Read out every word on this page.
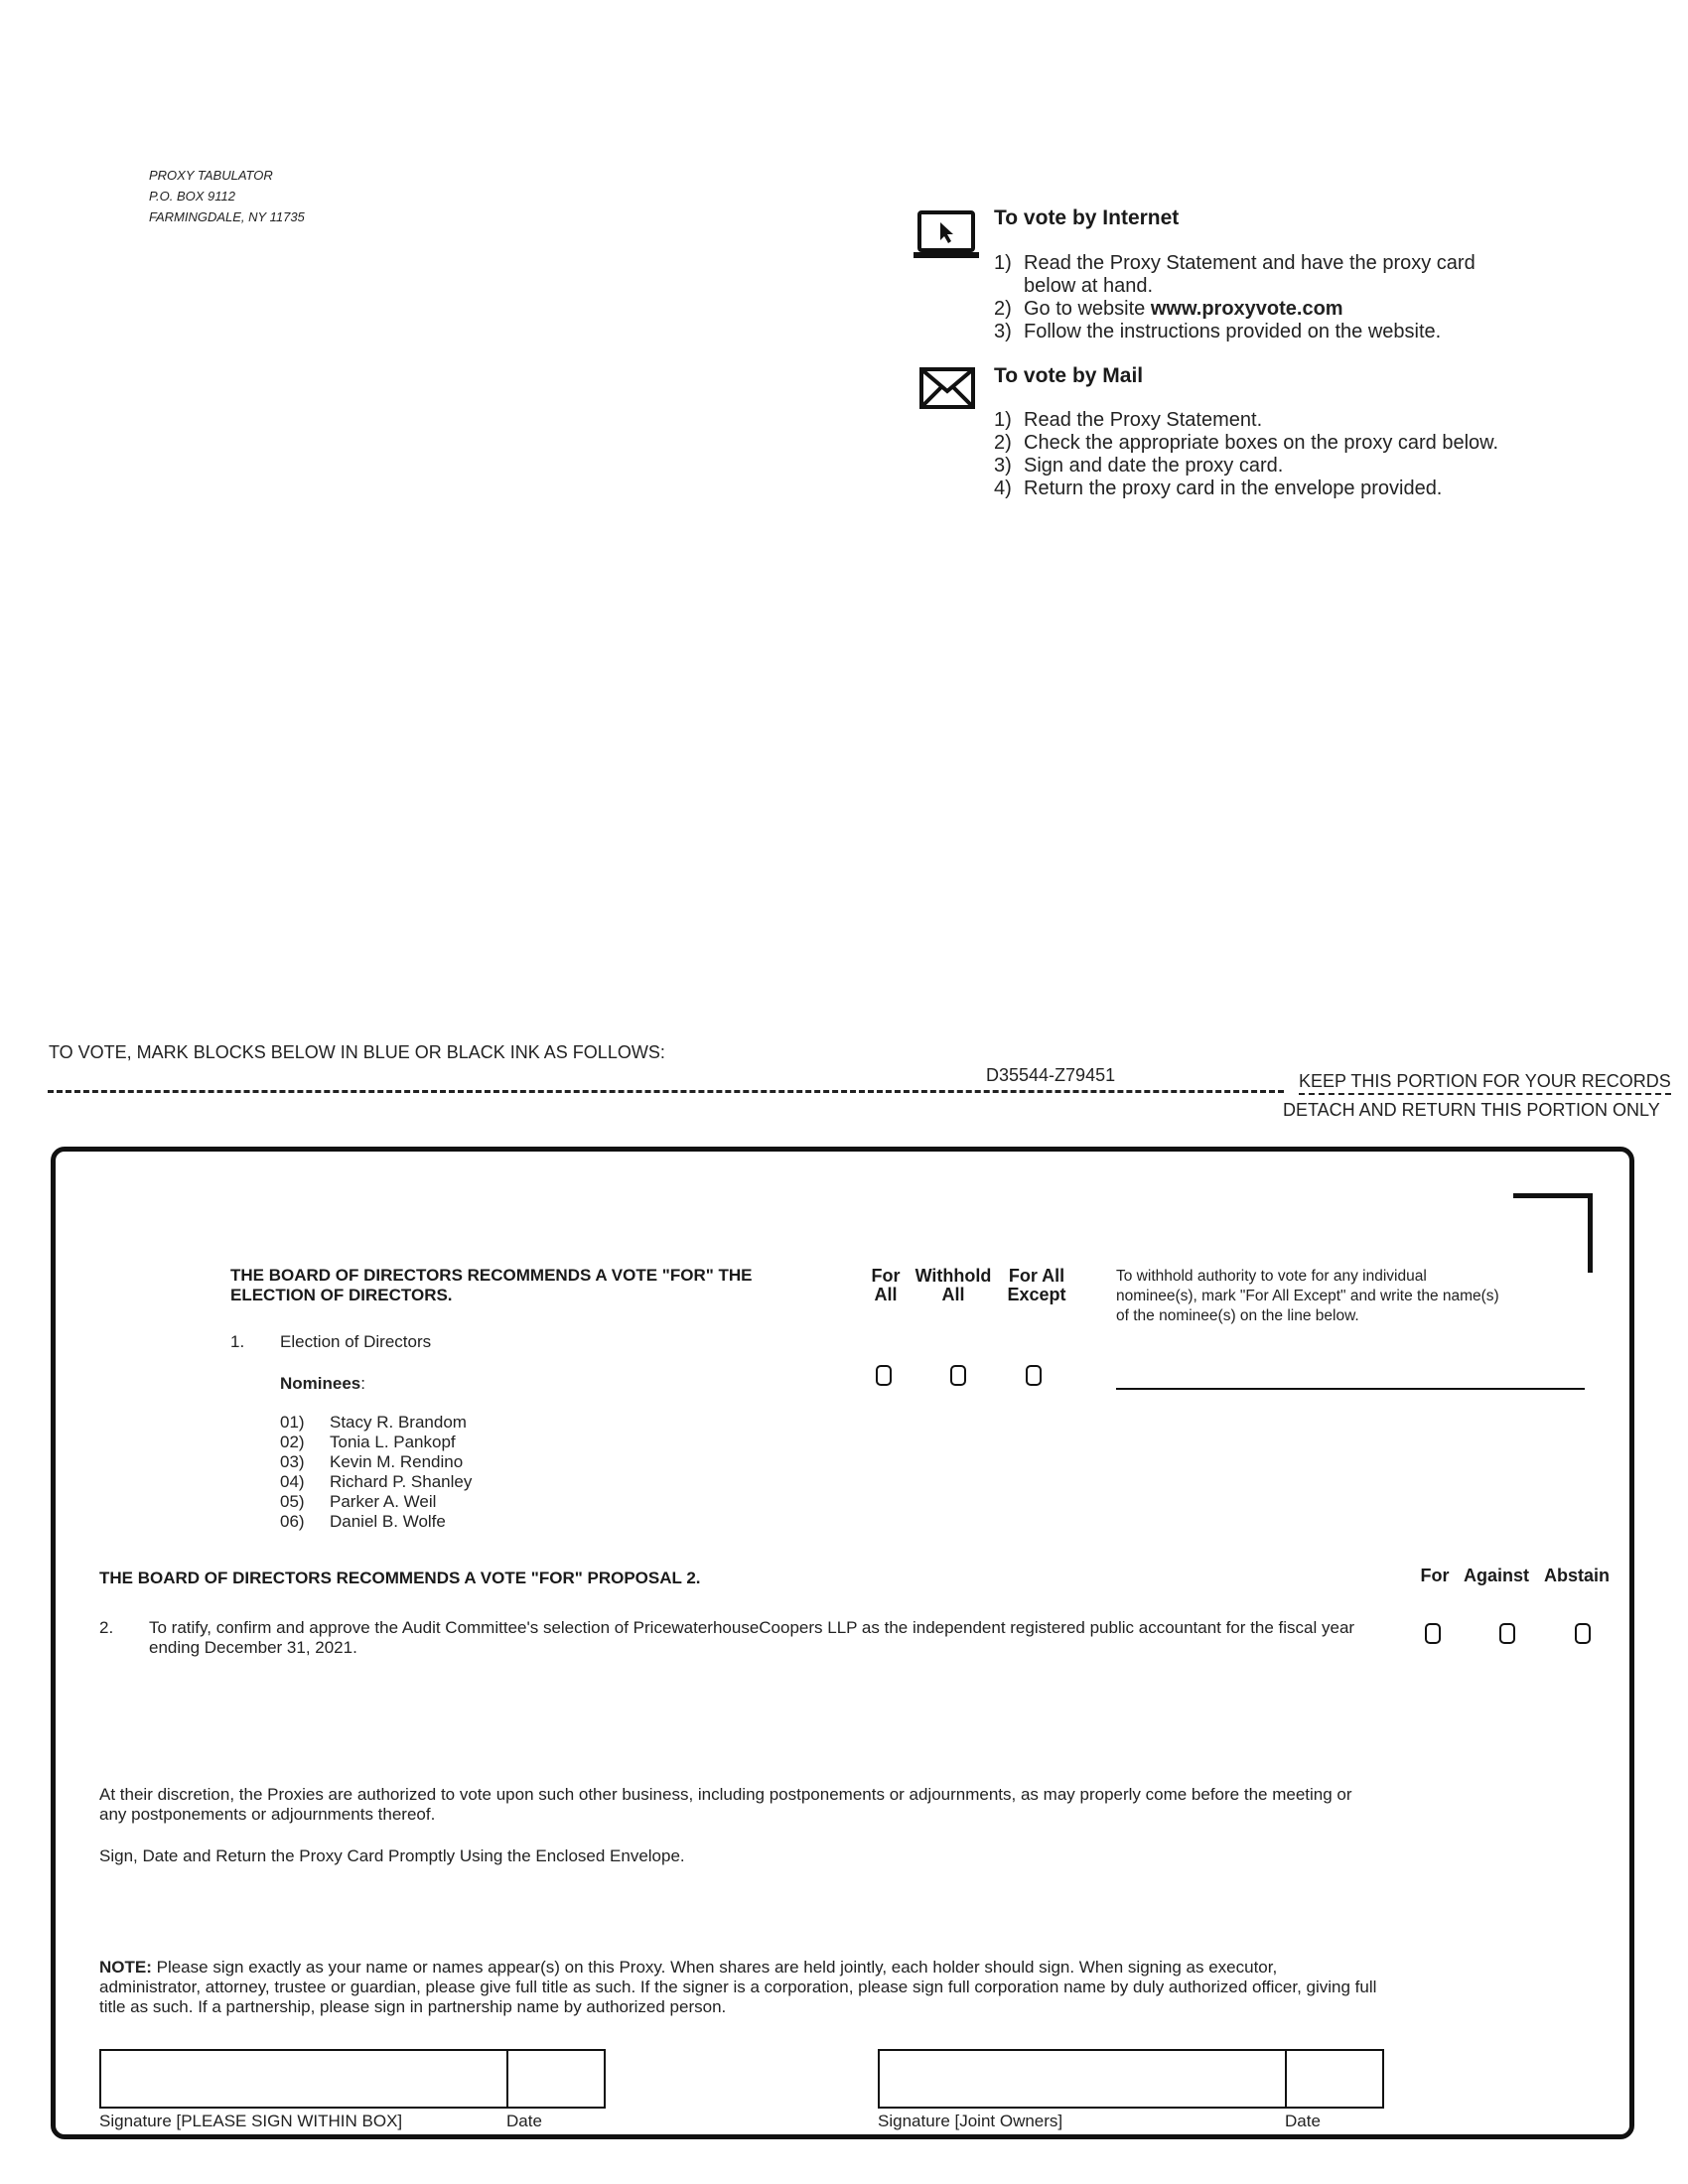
PROXY TABULATOR
P.O. BOX 9112
FARMINGDALE, NY 11735	To vote by Internet
1) Read the Proxy Statement and have the proxy card below at hand.
2) Go to website www.proxyvote.com
3) Follow the instructions provided on the website.
To vote by Mail
1) Read the Proxy Statement.
2) Check the appropriate boxes on the proxy card below.
3) Sign and date the proxy card.
4) Return the proxy card in the envelope provided.
TO VOTE, MARK BLOCKS BELOW IN BLUE OR BLACK INK AS FOLLOWS:
D35544-Z79451	KEEP THIS PORTION FOR YOUR RECORDS
DETACH AND RETURN THIS PORTION ONLY
THE BOARD OF DIRECTORS RECOMMENDS A VOTE "FOR" THE ELECTION OF DIRECTORS.
1. Election of Directors
Nominees:
01) Stacy R. Brandom
02) Tonia L. Pankopf
03) Kevin M. Rendino
04) Richard P. Shanley
05) Parker A. Weil
06) Daniel B. Wolfe
For
All
Withhold
All
For All
Except
To withhold authority to vote for any individual nominee(s), mark "For All Except" and write the name(s) of the nominee(s) on the line below.
THE BOARD OF DIRECTORS RECOMMENDS A VOTE "FOR" PROPOSAL 2.	For Against Abstain
2. To ratify, confirm and approve the Audit Committee's selection of PricewaterhouseCoopers LLP as the independent registered public accountant for the fiscal year ending December 31, 2021.
At their discretion, the Proxies are authorized to vote upon such other business, including postponements or adjournments, as may properly come before the meeting or any postponements or adjournments thereof.
Sign, Date and Return the Proxy Card Promptly Using the Enclosed Envelope.
NOTE: Please sign exactly as your name or names appear(s) on this Proxy. When shares are held jointly, each holder should sign. When signing as executor, administrator, attorney, trustee or guardian, please give full title as such. If the signer is a corporation, please sign full corporation name by duly authorized officer, giving full title as such. If a partnership, please sign in partnership name by authorized person.
Signature [PLEASE SIGN WITHIN BOX]	Date	Signature [Joint Owners]	Date
